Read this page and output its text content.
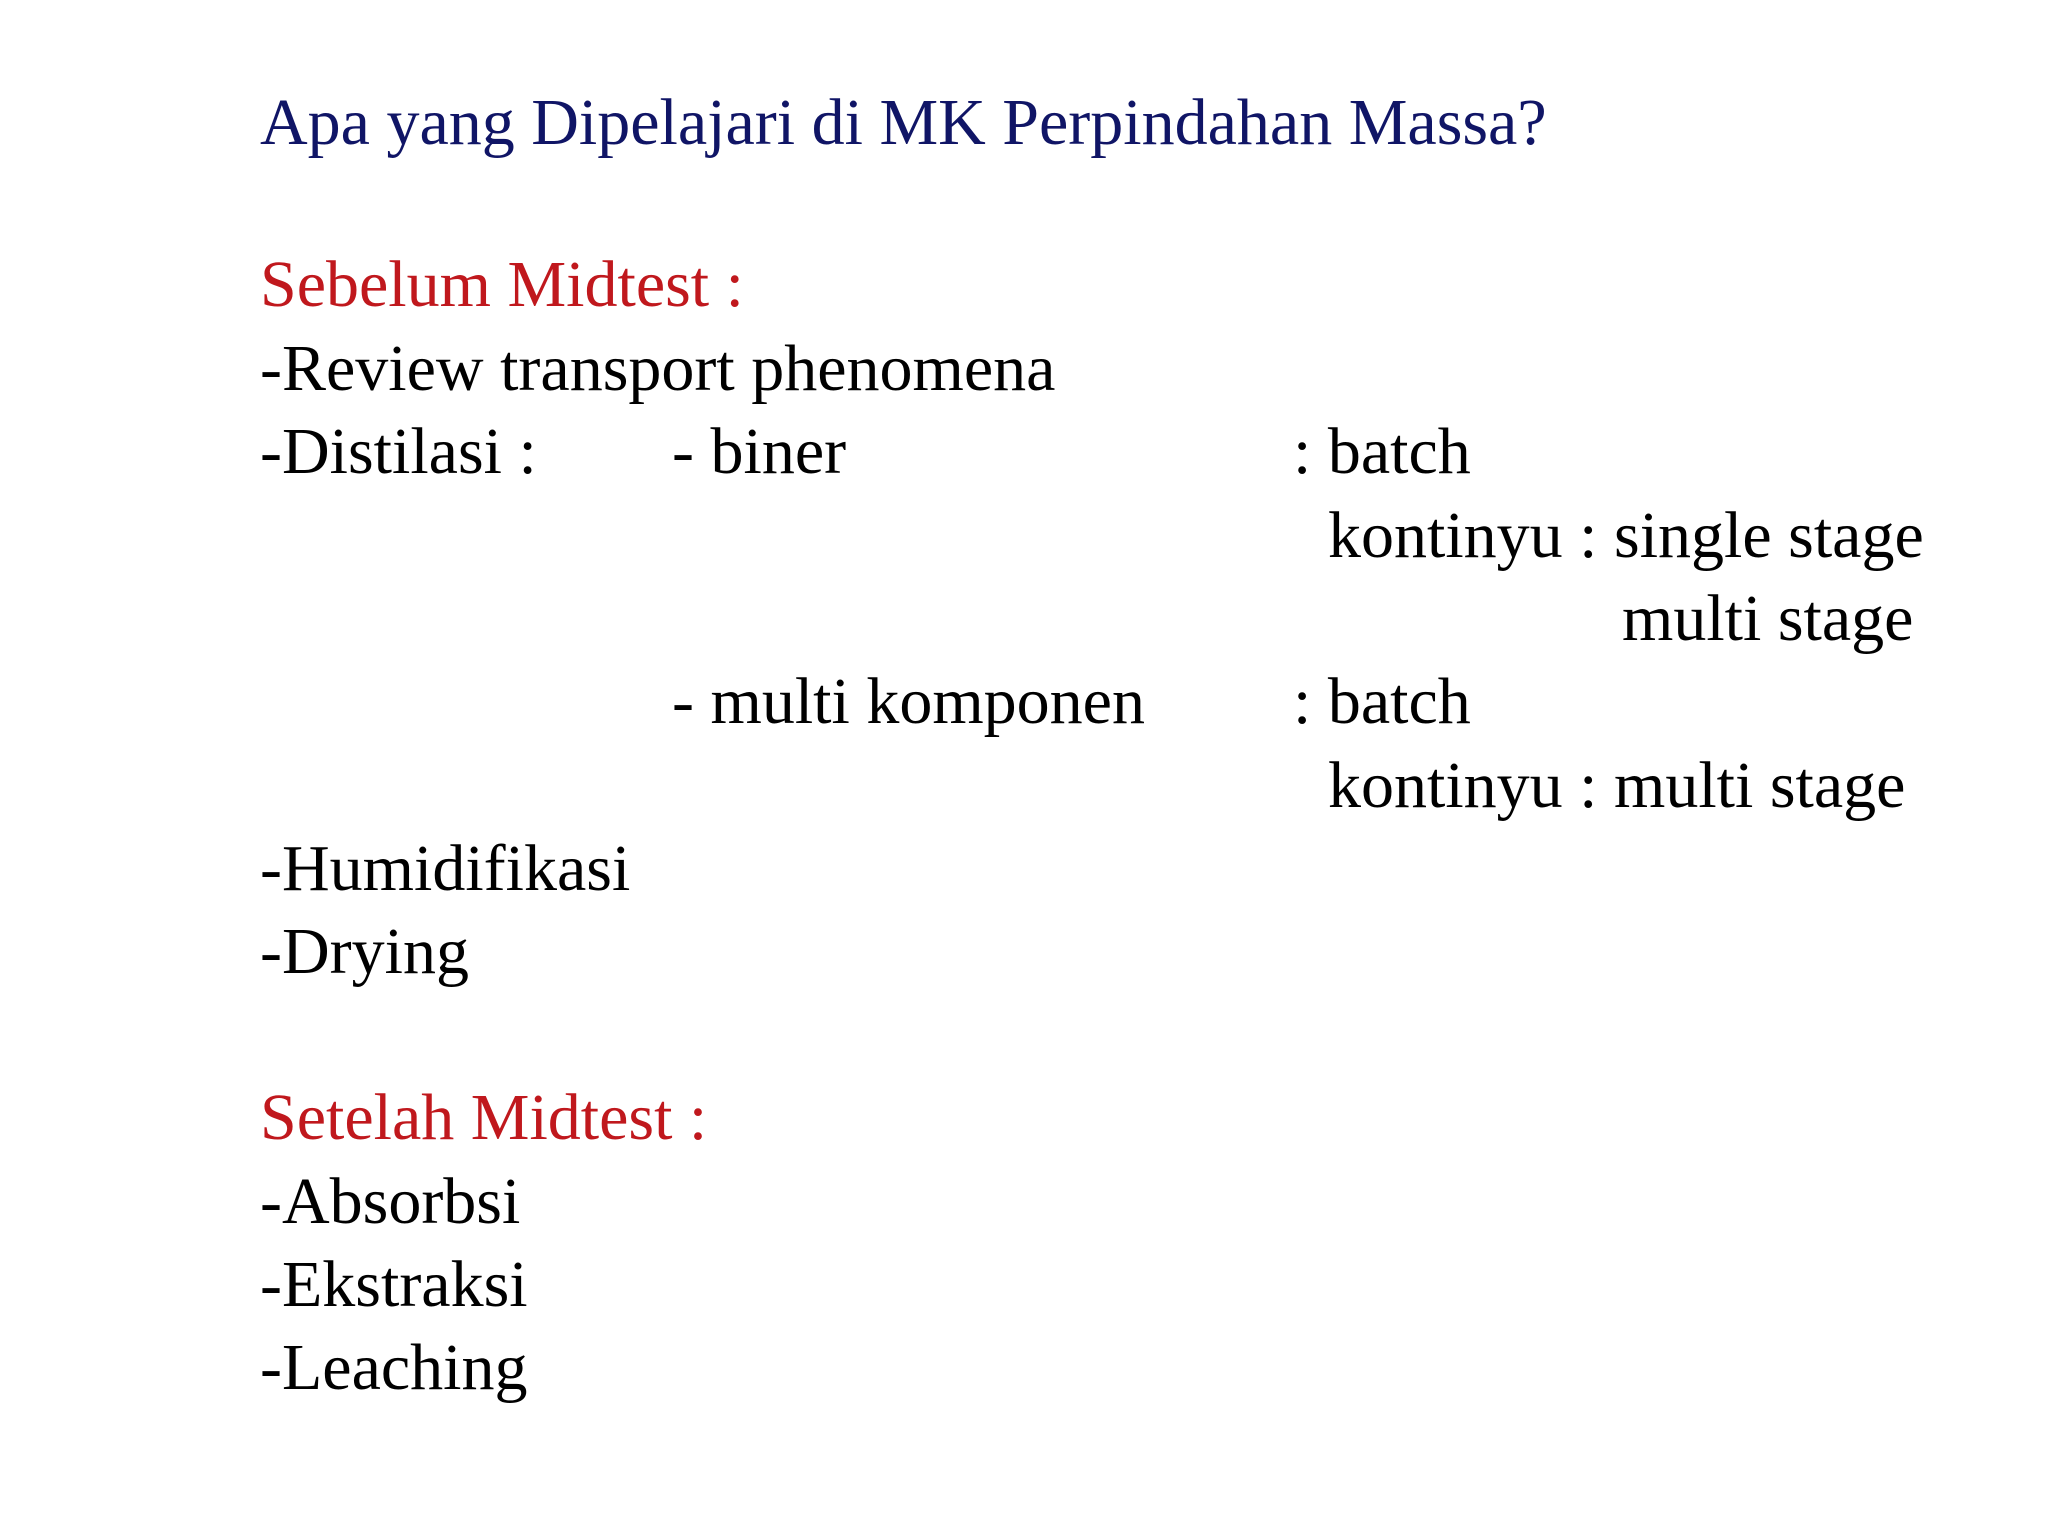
Apa yang Dipelajari di MK Perpindahan Massa?
Sebelum Midtest :
-Review transport phenomena
-Distilasi : - biner	: batch
kontinyu : single stage
multi stage
- multi komponen : batch
kontinyu : multi stage
-Humidifikasi
-Drying
Setelah Midtest :
-Absorbsi
-Ekstraksi
-Leaching
